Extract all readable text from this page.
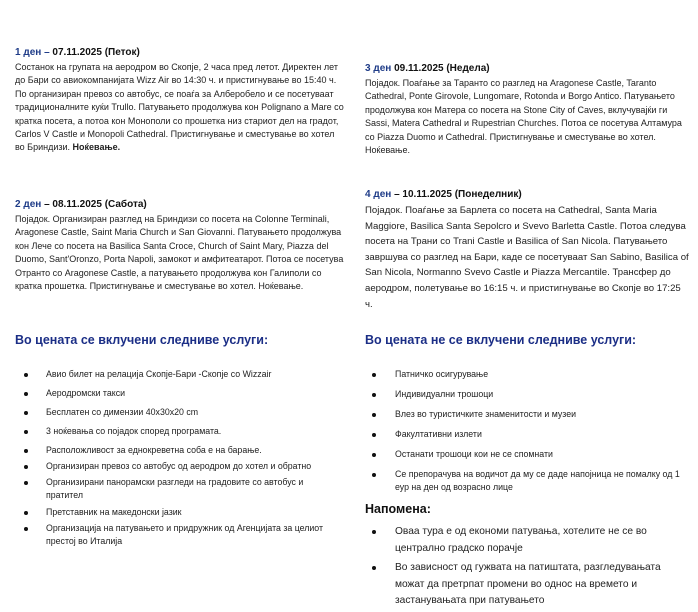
1 ден – 07.11.2025 (Петок)
Состанок на групата на аеродром во Скопје, 2 часа пред летот. Директен лет до Бари со авиокомпанијата Wizz Air во 14:30 ч. и пристигнување во 15:40 ч. По организиран превоз со автобус, се поаѓа за Алберобело и се посетуваат традиционалните куќи Trullo. Патувањето продолжува кон Polignano a Mare со кратка посета, а потоа кон Монополи со прошетка низ стариот дел на градот, Carlos V Castle и Monopoli Cathedral. Пристигнување и сместување во хотел во Бриндизи. Ноќевање.
2 ден – 08.11.2025 (Сабота)
Појадок. Организиран разглед на Бриндизи со посета на Colonne Terminali, Aragonese Castle, Saint Maria Church и San Giovanni. Патувањето продолжува кон Лече со посета на Basilica Santa Croce, Church of Saint Mary, Piazza del Duomo, Sant'Oronzo, Porta Napoli, замокот и амфитеатарот. Потоа се посетува Отранто со Aragonese Castle, а патувањето продолжува кон Галиполи со кратка прошетка. Пристигнување и сместување во хотел. Ноќевање.
Во цената се вклучени следниве услуги:
Авио билет на релација Скопје-Бари -Скопје со Wizzair
Аеродромски такси
Бесплатен со димензии 40x30x20 cm
3 ноќевања со појадок според програмата.
Расположливост за еднокреветна соба е на барање.
Организиран превоз со автобус од аеродром до хотел и обратно
Организирани панорамски разгледи на градовите со автобус и пратител
Претставник на македонски јазик
Организација на патувањето и придружник од Агенцијата за целиот престој во Италија
3 ден 09.11.2025 (Недела)
Појадок. Поаѓање за Таранто со разглед на Aragonese Castle, Taranto Cathedral, Ponte Girovole, Lungomare, Rotonda и Borgo Antico. Патувањето продолжува кон Матера со посета на Stone City of Caves, вклучувајќи ги Sassi, Matera Cathedral и Rupestrian Churches. Потоа се посетува Алтамура со Piazza Duomo и Cathedral. Пристигнување и сместување во хотел. Ноќевање.
4 ден – 10.11.2025 (Понеделник)
Појадок. Поаѓање за Барлета со посета на Cathedral, Santa Maria Maggiore, Basilica Santa Sepolcro и Svevo Barletta Castle. Потоа следува посета на Трани со Trani Castle и Basilica of San Nicola. Патувањето завршува со разглед на Бари, каде се посетуваат San Sabino, Basilica of San Nicola, Normanno Svevo Castle и Piazza Mercantile. Трансфер до аеродром, полетување во 16:15 ч. и пристигнување во Скопје во 17:25 ч.
Во цената не се вклучени следниве услуги:
Патничко осигурување
Индивидуални трошоци
Влез во туристичките знаменитости и музеи
Факултативни излети
Останати трошоци кои не се спомнати
Се препорачува на водичот да му се даде напојница не помалку од 1 еур на ден од возрасно лице
Напомена:
Оваа тура е од економи патувања, хотелите не се во централно градско порачје
Во зависност од гужвата на патиштата, разгледувањата можат да претрпат промени во однос на времето и застанувањата при патувањето
